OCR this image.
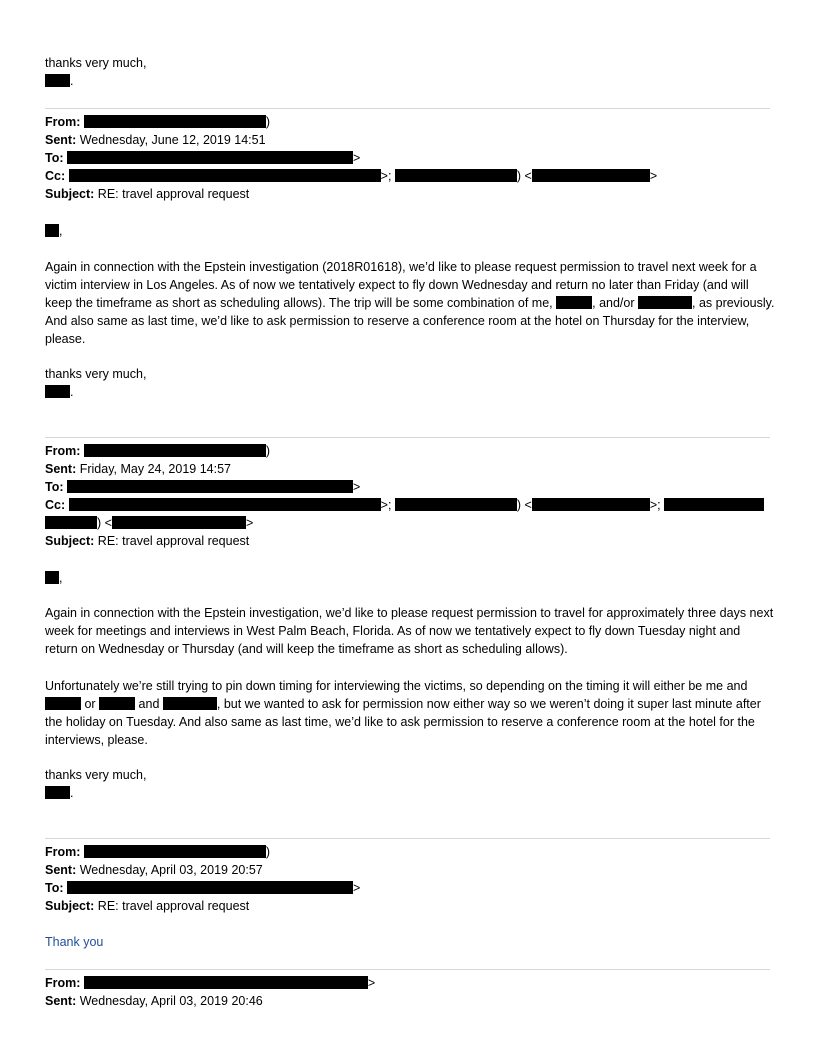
thanks very much,
.
From:	)
Sent: Wednesday, June 12, 2019 14:51
To:	>
Cc:	>;	) <	>
Subject: RE: travel approval request
,
Again in connection with the Epstein investigation (2018R01618), we’d like to please request permission to travel next week for a victim interview in Los Angeles. As of now we tentatively expect to fly down Wednesday and return no later than Friday (and will keep the timeframe as short as scheduling allows). The trip will be some combination of me,	, and/or	, as previously. And also same as last time, we’d like to ask permission to reserve a conference room at the hotel on Thursday for the interview, please.
thanks very much,
.
From:	)
Sent: Friday, May 24, 2019 14:57
To:	>
Cc:	>;	) <	>;
) <	>
Subject: RE: travel approval request
,
Again in connection with the Epstein investigation, we’d like to please request permission to travel for approximately three days next week for meetings and interviews in West Palm Beach, Florida. As of now we tentatively expect to fly down Tuesday night and return on Wednesday or Thursday (and will keep the timeframe as short as scheduling allows).
Unfortunately we’re still trying to pin down timing for interviewing the victims, so depending on the timing it will either be me and  or	and	, but we wanted to ask for permission now either way so we weren’t doing it super last minute after the holiday on Tuesday. And also same as last time, we’d like to ask permission to reserve a conference room at the hotel for the interviews, please.
thanks very much,
.
From:	)
Sent: Wednesday, April 03, 2019 20:57
To:	>
Subject: RE: travel approval request
Thank you
From:	>
Sent: Wednesday, April 03, 2019 20:46
